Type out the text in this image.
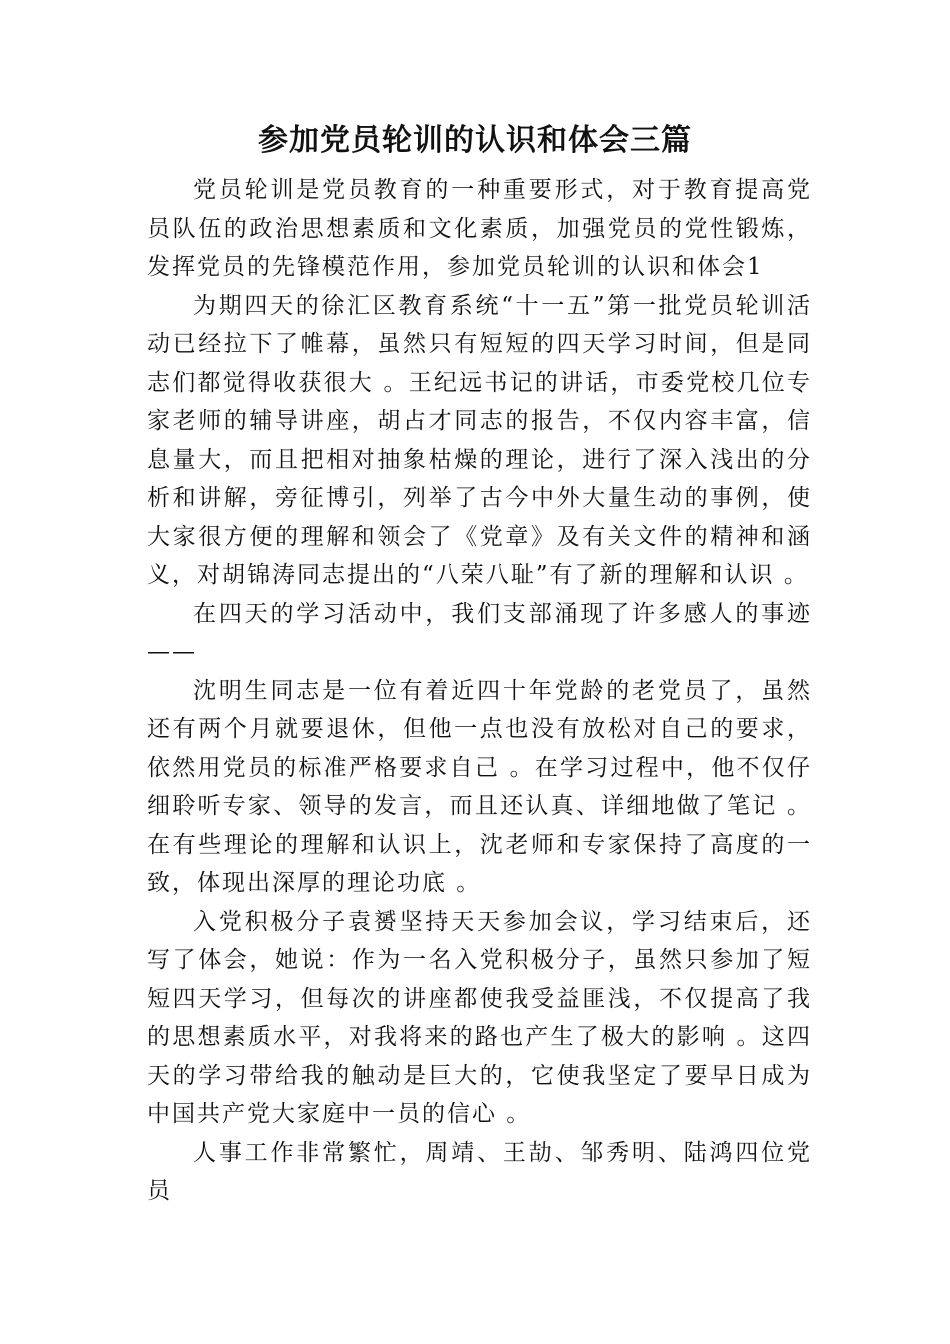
参加党员轮训的认识和体会三篇

党员轮训是党员教育的一种重要形式，对于教育提高党员队伍的政治思想素质和文化素质，加强党员的党性锻炼，发挥党员的先锋模范作用，参加党员轮训的认识和体会1

为期四天的徐汇区教育系统“十一五”第一批党员轮训活动已经拉下了帷幕，虽然只有短短的四天学习时间，但是同志们都觉得收获很大 。王纪远书记的讲话，市委党校几位专家老师的辅导讲座，胡占才同志的报告，不仅内容丰富，信息量大，而且把相对抽象枯燥的理论，进行了深入浅出的分析和讲解，旁征博引，列举了古今中外大量生动的事例，使大家很方便的理解和领会了《党章》及有关文件的精神和涵义，对胡锦涛同志提出的“八荣八耻”有了新的理解和认识 。

在四天的学习活动中，我们支部涌现了许多感人的事迹——

沈明生同志是一位有着近四十年党龄的老党员了，虽然还有两个月就要退休，但他一点也没有放松对自己的要求，依然用党员的标准严格要求自己 。在学习过程中，他不仅仔细聆听专家、领导的发言，而且还认真、详细地做了笔记 。在有些理论的理解和认识上，沈老师和专家保持了高度的一致，体现出深厚的理论功底 。

入党积极分子袁赟坚持天天参加会议，学习结束后，还写了体会，她说：作为一名入党积极分子，虽然只参加了短短四天学习，但每次的讲座都使我受益匪浅，不仅提高了我的思想素质水平，对我将来的路也产生了极大的影响 。这四天的学习带给我的触动是巨大的，它使我坚定了要早日成为中国共产党大家庭中一员的信心 。

人事工作非常繁忙，周靖、王劼、邹秀明、陆鸿四位党员
